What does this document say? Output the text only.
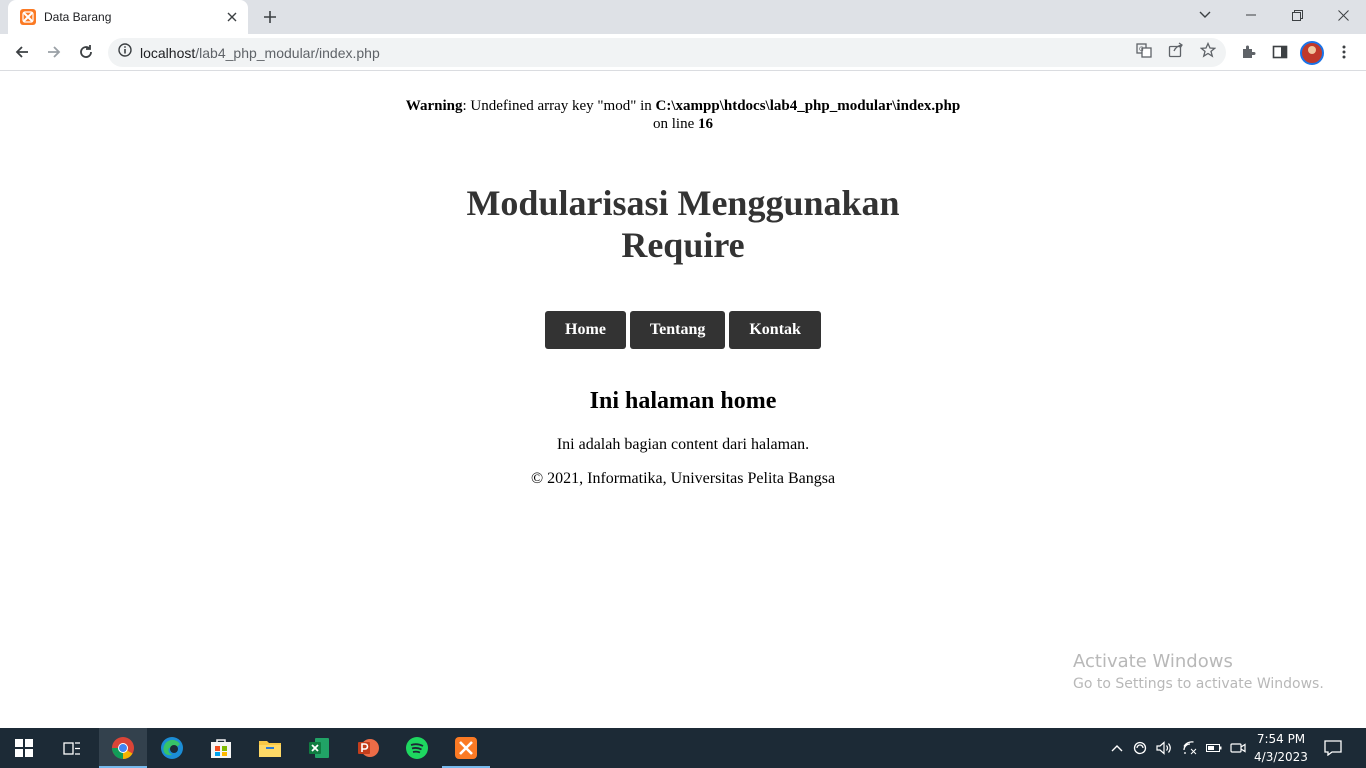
Data Barang
localhost/lab4_php_modular/index.php	G
Warning: Undefined array key "mod" in C:\xampp\htdocs\lab4_php_modular\index.php
on line 16
Modularisasi Menggunakan
Require
Home	Tentang	Kontak
Ini halaman home

Ini adalah bagian content dari halaman.

© 2021, Informatika, Universitas Pelita Bangsa
Activate Windows
Go to Settings to activate Windows.
7:54 PM
4/3/2023
